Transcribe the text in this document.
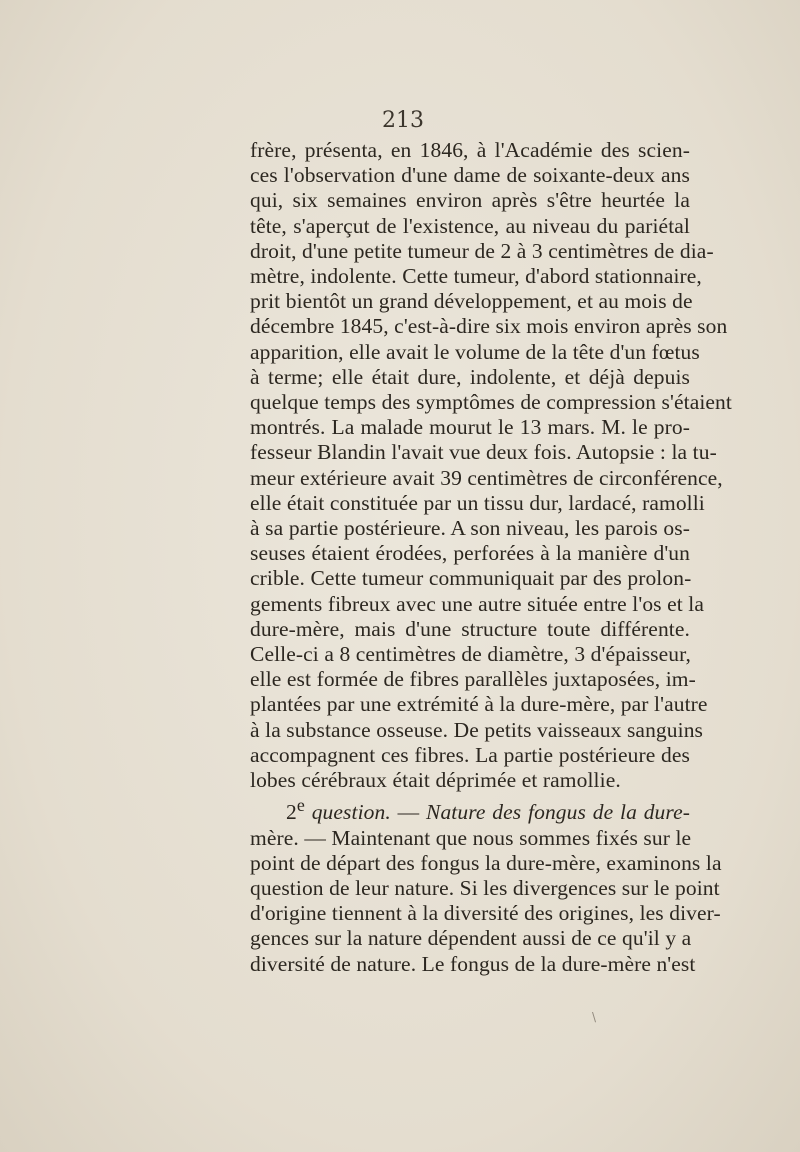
213
frère, présenta, en 1846, à l'Académie des scien-
ces l'observation d'une dame de soixante-deux ans
qui, six semaines environ après s'être heurtée la
tête, s'aperçut de l'existence, au niveau du pariétal
droit, d'une petite tumeur de 2 à 3 centimètres de dia-
mètre, indolente. Cette tumeur, d'abord stationnaire,
prit bientôt un grand développement, et au mois de
décembre 1845, c'est-à-dire six mois environ après son
apparition, elle avait le volume de la tête d'un fœtus
à terme; elle était dure, indolente, et déjà depuis
quelque temps des symptômes de compression s'étaient
montrés. La malade mourut le 13 mars. M. le pro-
fesseur Blandin l'avait vue deux fois. Autopsie : la tu-
meur extérieure avait 39 centimètres de circonférence,
elle était constituée par un tissu dur, lardacé, ramolli
à sa partie postérieure. A son niveau, les parois os-
seuses étaient érodées, perforées à la manière d'un
crible. Cette tumeur communiquait par des prolon-
gements fibreux avec une autre située entre l'os et la
dure-mère, mais d'une structure toute différente.
Celle-ci a 8 centimètres de diamètre, 3 d'épaisseur,
elle est formée de fibres parallèles juxtaposées, im-
plantées par une extrémité à la dure-mère, par l'autre
à la substance osseuse. De petits vaisseaux sanguins
accompagnent ces fibres. La partie postérieure des
lobes cérébraux était déprimée et ramollie.
2e question. — Nature des fongus de la dure-
mère. — Maintenant que nous sommes fixés sur le
point de départ des fongus la dure-mère, examinons la
question de leur nature. Si les divergences sur le point
d'origine tiennent à la diversité des origines, les diver-
gences sur la nature dépendent aussi de ce qu'il y a
diversité de nature. Le fongus de la dure-mère n'est
\
